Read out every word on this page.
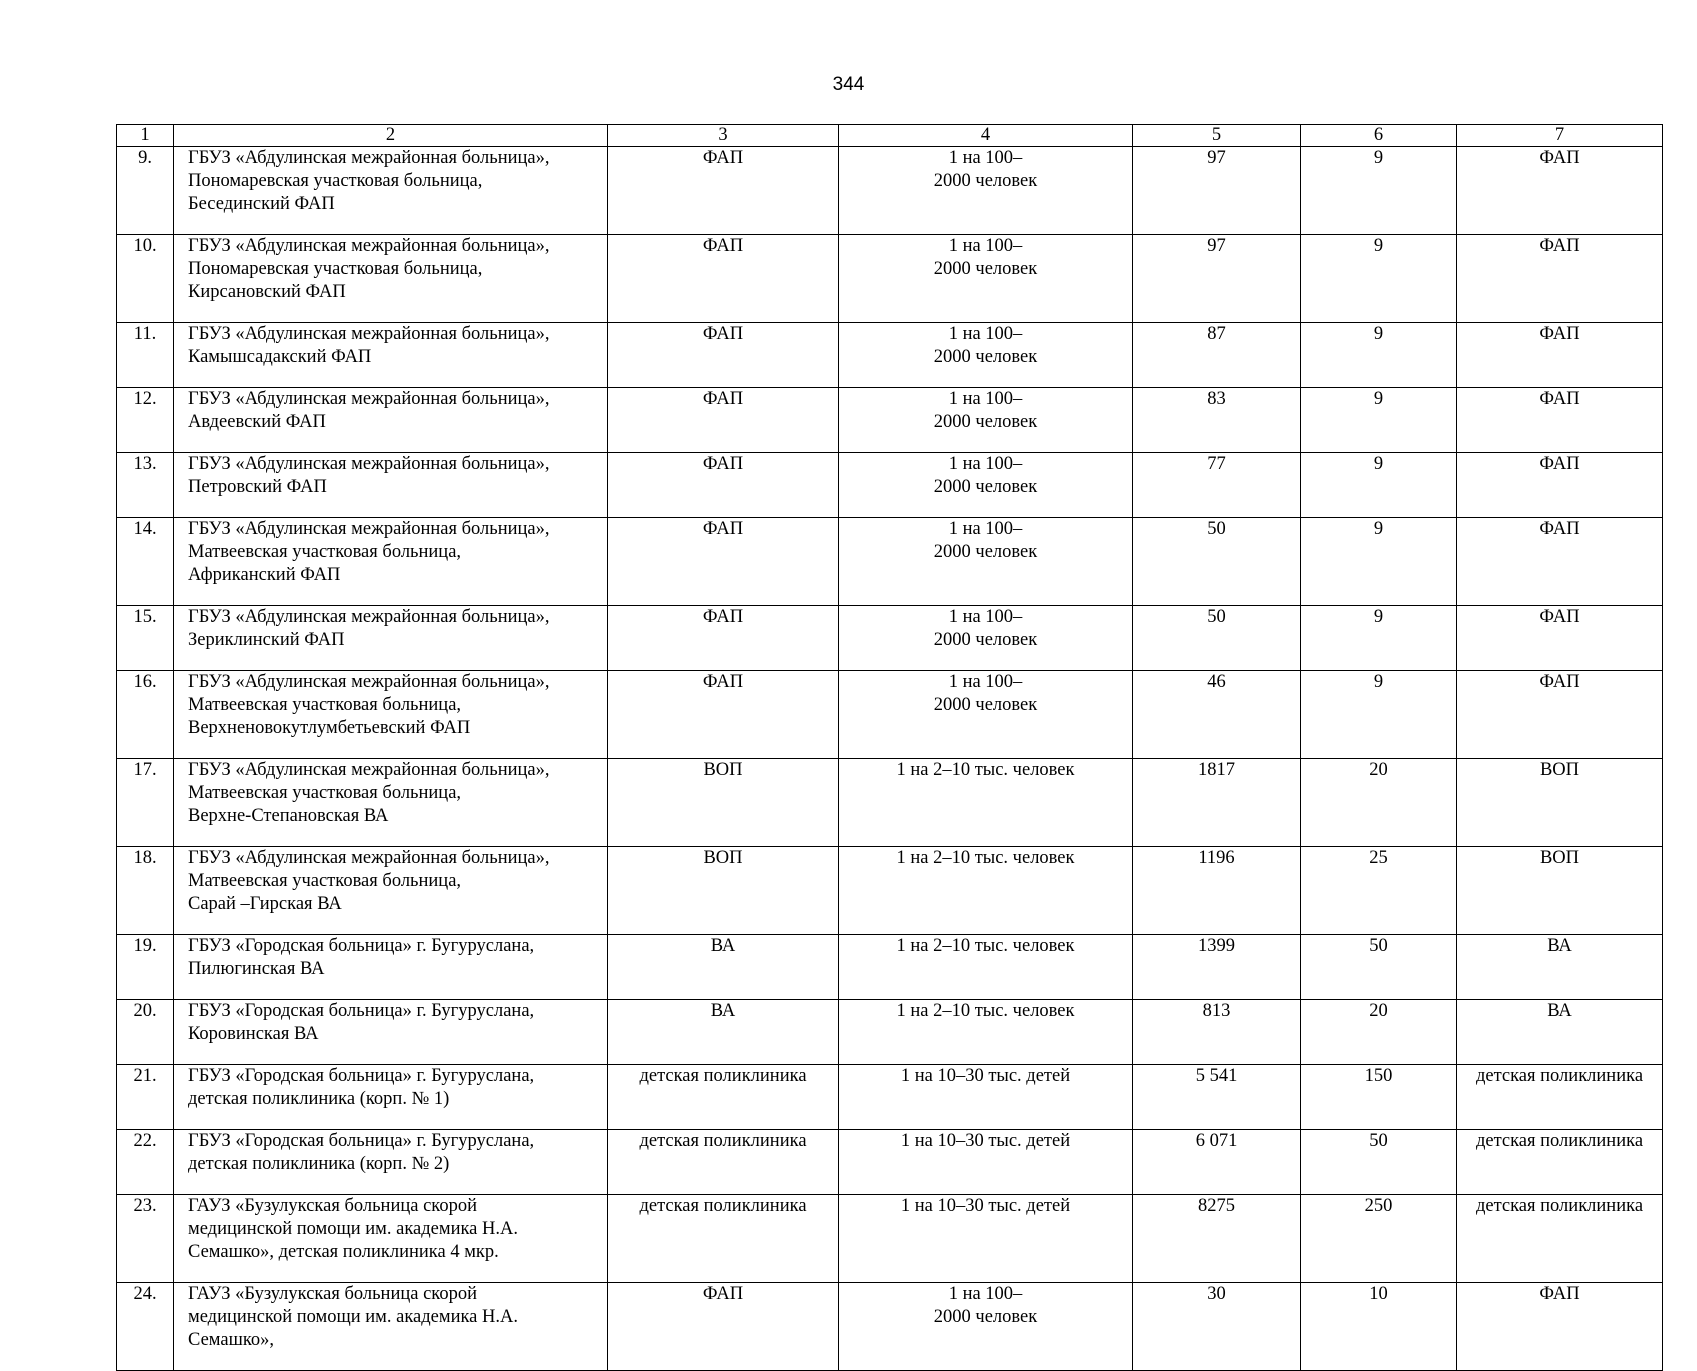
344
1	2	3	4	5	6	7

9.	ГБУЗ «Абдулинская межрайонная больница»,
Пономаревская участковая больница,
Бесединский ФАП	ФАП	1 на 100–
2000 человек	97	9	ФАП

10.	ГБУЗ «Абдулинская межрайонная больница»,
Пономаревская участковая больница,
Кирсановский ФАП	ФАП	1 на 100–
2000 человек	97	9	ФАП

11.	ГБУЗ «Абдулинская межрайонная больница»,
Камышсадакский ФАП	ФАП	1 на 100–
2000 человек	87	9	ФАП

12.	ГБУЗ «Абдулинская межрайонная больница»,
Авдеевский ФАП	ФАП	1 на 100–
2000 человек	83	9	ФАП

13.	ГБУЗ «Абдулинская межрайонная больница»,
Петровский ФАП	ФАП	1 на 100–
2000 человек	77	9	ФАП

14.	ГБУЗ «Абдулинская межрайонная больница»,
Матвеевская участковая больница,
Африканский ФАП	ФАП	1 на 100–
2000 человек	50	9	ФАП

15.	ГБУЗ «Абдулинская межрайонная больница»,
Зериклинский ФАП	ФАП	1 на 100–
2000 человек	50	9	ФАП

16.	ГБУЗ «Абдулинская межрайонная больница»,
Матвеевская участковая больница,
Верхненовокутлумбетьевский ФАП	ФАП	1 на 100–
2000 человек	46	9	ФАП

17.	ГБУЗ «Абдулинская межрайонная больница»,
Матвеевская участковая больница,
Верхне-Степановская ВА	ВОП	1 на 2–10 тыс. человек	1817	20	ВОП

18.	ГБУЗ «Абдулинская межрайонная больница»,
Матвеевская участковая больница,
Сарай –Гирская ВА	ВОП	1 на 2–10 тыс. человек	1196	25	ВОП

19.	ГБУЗ «Городская больница» г. Бугуруслана,
Пилюгинская ВА	ВА	1 на 2–10 тыс. человек	1399	50	ВА

20.	ГБУЗ «Городская больница» г. Бугуруслана,
Коровинская ВА	ВА	1 на 2–10 тыс. человек	813	20	ВА

21.	ГБУЗ «Городская больница» г. Бугуруслана,
детская поликлиника (корп. № 1)	детская поликлиника	1 на 10–30 тыс. детей	5 541	150	детская поликлиника

22.	ГБУЗ «Городская больница» г. Бугуруслана,
детская поликлиника (корп. № 2)	детская поликлиника	1 на 10–30 тыс. детей	6 071	50	детская поликлиника

23.	ГАУЗ «Бузулукская больница скорой
медицинской помощи им. академика Н.А.
Семашко», детская поликлиника 4 мкр.	детская поликлиника	1 на 10–30 тыс. детей	8275	250	детская поликлиника

24.	ГАУЗ «Бузулукская больница скорой
медицинской помощи им. академика Н.А.
Семашко»,	ФАП	1 на 100–
2000 человек	30	10	ФАП
